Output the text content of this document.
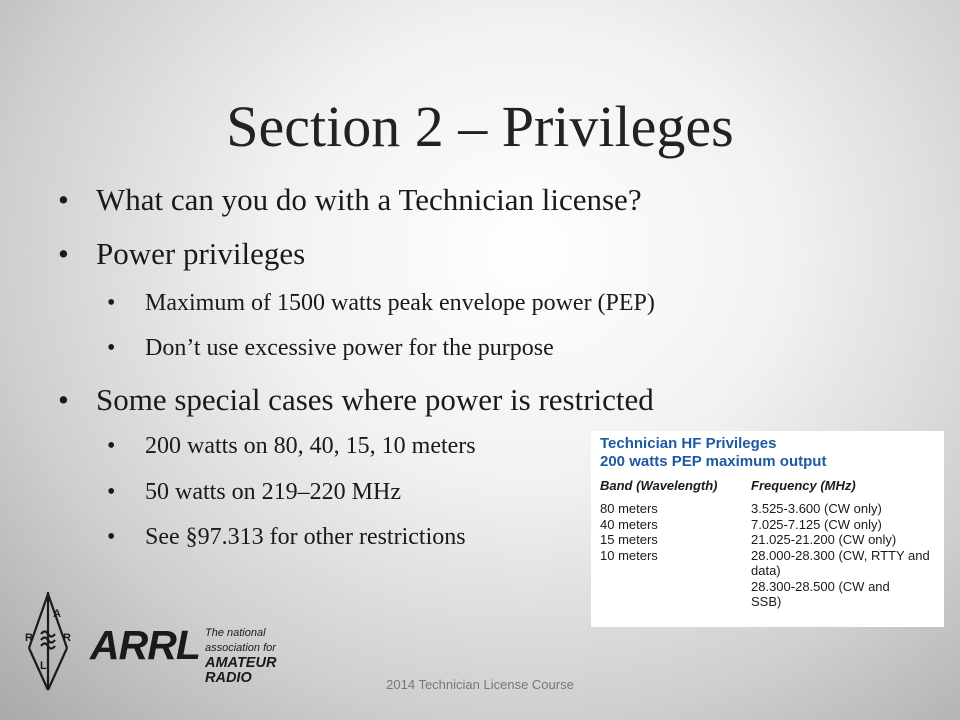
Section 2 – Privileges
• What can you do with a Technician license?
• Power privileges
• Maximum of 1500 watts peak envelope power (PEP)
• Don’t use excessive power for the purpose
• Some special cases where power is restricted
• 200 watts on 80, 40, 15, 10 meters
• 50 watts on 219–220 MHz
• See §97.313 for other restrictions
Technician HF Privileges
200 watts PEP maximum output
Band (Wavelength)	Frequency (MHz)
80 meters	3.525-3.600 (CW only)
40 meters	7.025-7.125 (CW only)
15 meters	21.025-21.200 (CW only)
10 meters	28.000-28.300 (CW, RTTY and data)
28.300-28.500 (CW and SSB)
A
R	R
L ARRL The national association for
AMATEUR RADIO	2014 Technician License Course
